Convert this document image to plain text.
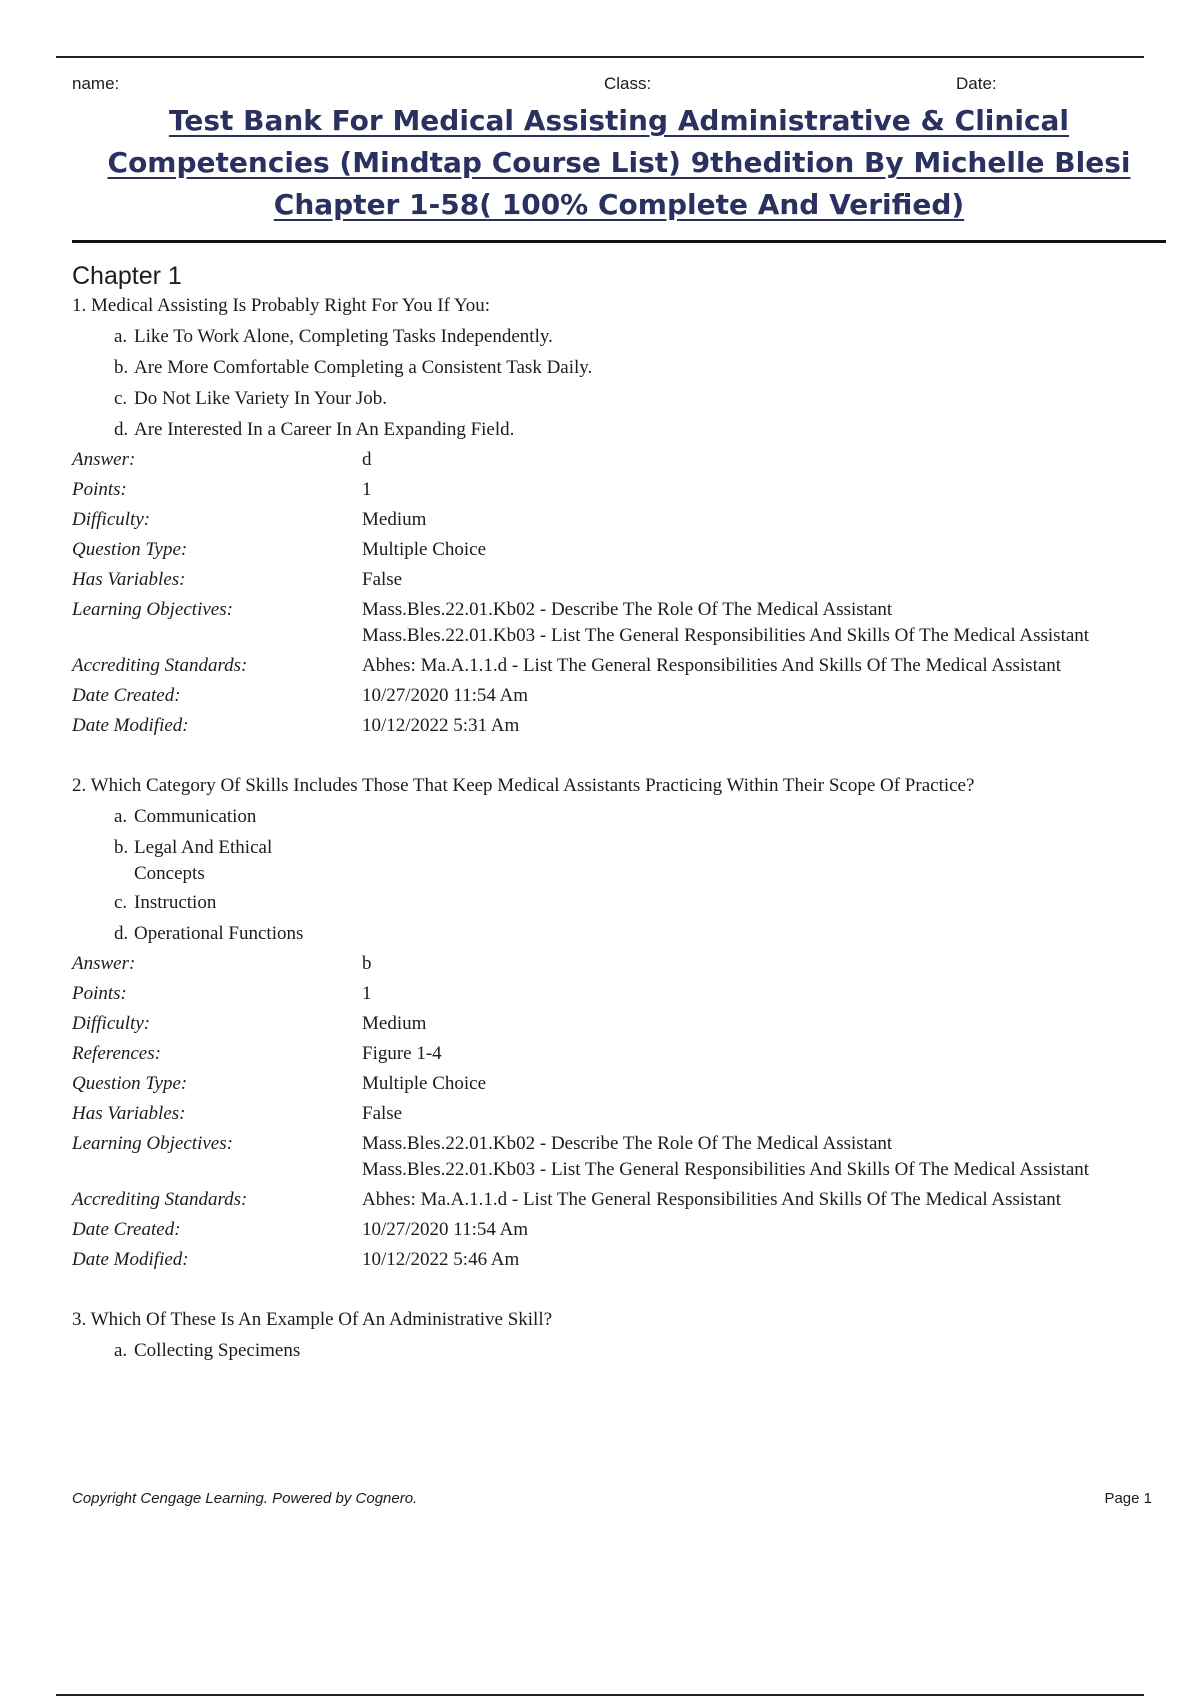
name:	Class:	Date:
Test Bank For Medical Assisting Administrative & Clinical Competencies (Mindtap Course List) 9thedition By Michelle Blesi Chapter 1-58( 100% Complete And Verified)
Chapter 1
1. Medical Assisting Is Probably Right For You If You:
a. Like To Work Alone, Completing Tasks Independently.
b. Are More Comfortable Completing a Consistent Task Daily.
c. Do Not Like Variety In Your Job.
d. Are Interested In a Career In An Expanding Field.
Answer:	d
Points:	1
Difficulty:	Medium
Question Type:	Multiple Choice
Has Variables:	False
Learning Objectives:	Mass.Bles.22.01.Kb02 - Describe The Role Of The Medical Assistant
Mass.Bles.22.01.Kb03 - List The General Responsibilities And Skills Of The Medical Assistant

Accrediting Standards:	Abhes: Ma.A.1.1.d - List The General Responsibilities And Skills Of The Medical Assistant
Date Created:	10/27/2020 11:54 Am
Date Modified:	10/12/2022 5:31 Am
2. Which Category Of Skills Includes Those That Keep Medical Assistants Practicing Within Their Scope Of Practice?
a. Communication
b. Legal And Ethical Concepts
c. Instruction
d. Operational Functions
Answer:	b
Points:	1
Difficulty:	Medium
References:	Figure 1-4
Question Type:	Multiple Choice
Has Variables:	False
Learning Objectives:	Mass.Bles.22.01.Kb02 - Describe The Role Of The Medical Assistant
Mass.Bles.22.01.Kb03 - List The General Responsibilities And Skills Of The Medical Assistant

Accrediting Standards:	Abhes: Ma.A.1.1.d - List The General Responsibilities And Skills Of The Medical Assistant
Date Created:	10/27/2020 11:54 Am
Date Modified:	10/12/2022 5:46 Am
3. Which Of These Is An Example Of An Administrative Skill?
a. Collecting Specimens
Copyright Cengage Learning. Powered by Cognero.	Page 1
